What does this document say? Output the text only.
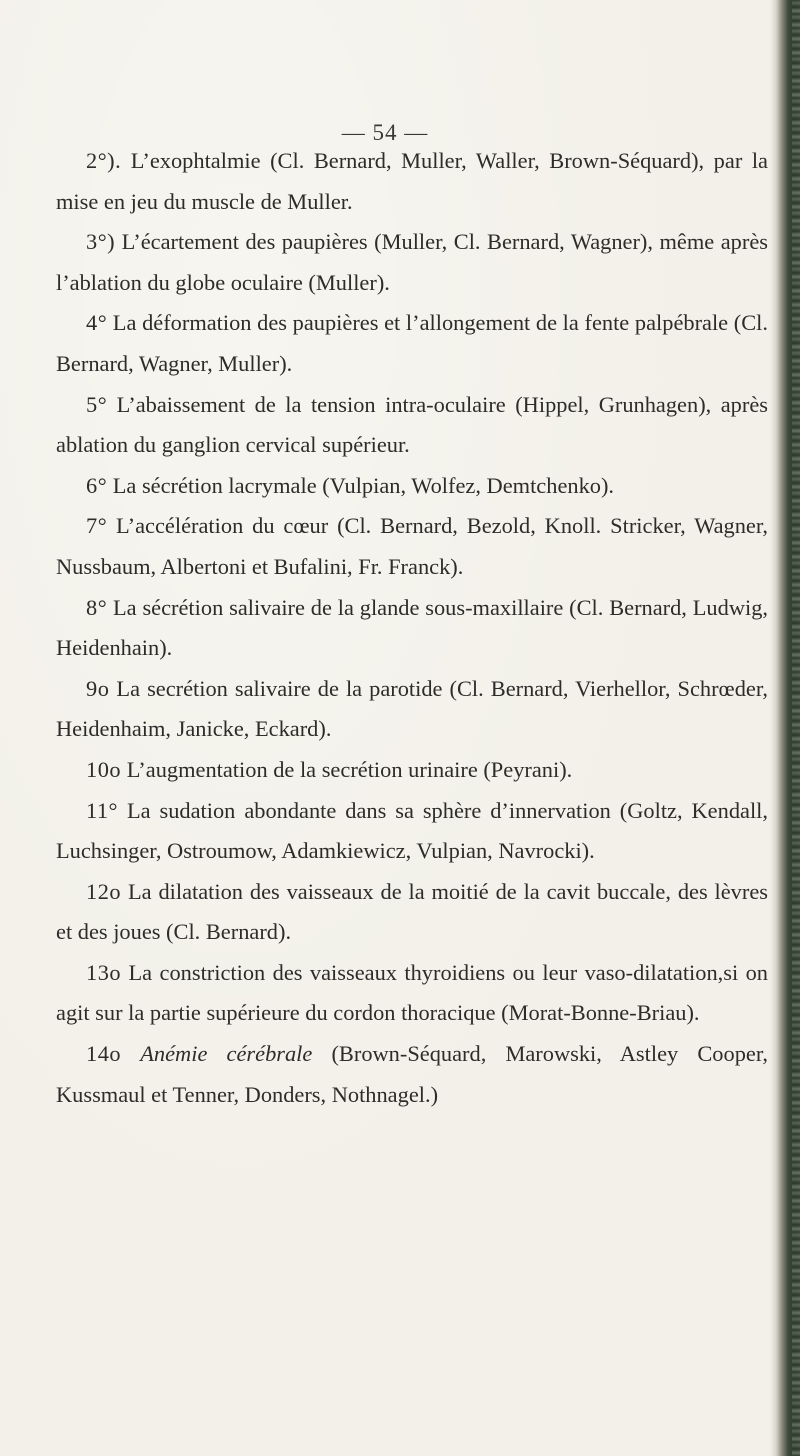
— 54 —

2°). L’exophtalmie (Cl. Bernard, Muller, Waller, Brown-Séquard), par la mise en jeu du muscle de Muller.

3°) L’écartement des paupières (Muller, Cl. Bernard, Wagner), même après l’ablation du globe oculaire (Muller).

4° La déformation des paupières et l’allongement de la fente palpébrale (Cl. Bernard, Wagner, Muller).

5° L’abaissement de la tension intra-oculaire (Hippel, Grunhagen), après ablation du ganglion cervical supérieur.

6° La sécrétion lacrymale (Vulpian, Wolfez, Demtchenko).

7° L’accélération du cœur (Cl. Bernard, Bezold, Knoll. Stricker, Wagner, Nussbaum, Albertoni et Bufalini, Fr. Franck).

8° La sécrétion salivaire de la glande sous-maxillaire (Cl. Bernard, Ludwig, Heidenhain).

9o La secrétion salivaire de la parotide (Cl. Bernard, Vierhellor, Schrœder, Heidenhaim, Janicke, Eckard).

10o L’augmentation de la secrétion urinaire (Peyrani).

11° La sudation abondante dans sa sphère d’innervation (Goltz, Kendall, Luchsinger, Ostroumow, Adamkiewicz, Vulpian, Navrocki).

12o La dilatation des vaisseaux de la moitié de la cavit buccale, des lèvres et des joues (Cl. Bernard).

13o La constriction des vaisseaux thyroidiens ou leur vaso-dilatation,si on agit sur la partie supérieure du cordon thoracique (Morat-Bonne-Briau).

14o Anémie cérébrale (Brown-Séquard, Marowski, Astley Cooper, Kussmaul et Tenner, Donders, Nothnagel.)
